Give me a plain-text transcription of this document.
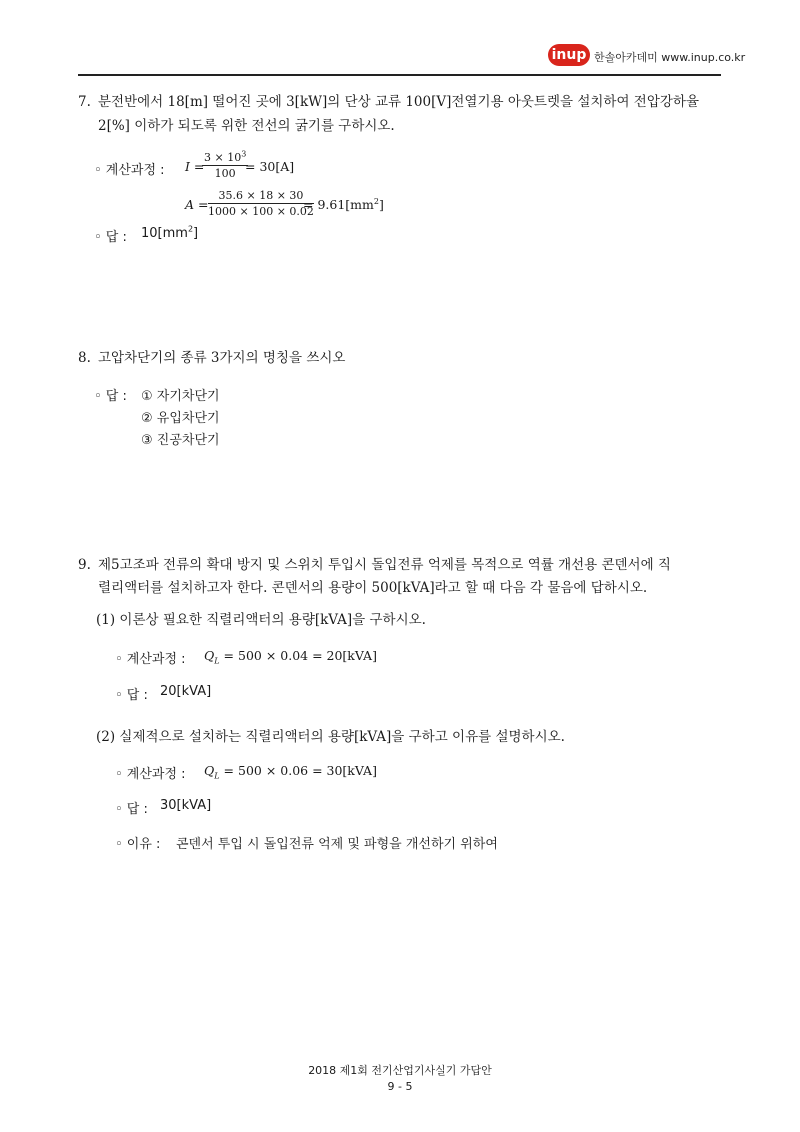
inup 한솔아카데미 www.inup.co.kr
7. 분전반에서 18[m] 떨어진 곳에 3[kW]의 단상 교류 100[V]전열기용 아웃트렛을 설치하여 전압강하율
2[%] 이하가 되도록 위한 전선의 굵기를 구하시오.
◦ 계산과정 : I =
$\frac{3 \times 10^3}{100}$
= 30[A]
$A = \frac{35.6 \times 18 \times 30}{1000 \times 100 \times 0.02}$
= $9.61[mm^2]$
◦ 답 : $10[mm^2]$
8. 고압차단기의 종류 3가지의 명칭을 쓰시오
◦ 답 : ① 자기차단기
② 유입차단기
③ 진공차단기
9. 제5고조파 전류의 확대 방지 및 스위치 투입시 돌입전류 억제를 목적으로 역률 개선용 콘덴서에 직
렬리액터를 설치하고자 한다. 콘덴서의 용량이 500[kVA]라고 할 때 다음 각 물음에 답하시오.
(1) 이론상 필요한 직렬리액터의 용량[kVA]을 구하시오.
◦ 계산과정 : $Q_L = 500 \times 0.04 = 20[kVA]$
◦ 답 : 20[kVA]
(2) 실제적으로 설치하는 직렬리액터의 용량[kVA]을 구하고 이유를 설명하시오.
◦ 계산과정 : $Q_L = 500 \times 0.06 = 30[kVA]$
◦ 답 : 30[kVA]
◦ 이유 : 콘덴서 투입 시 돌입전류 억제 및 파형을 개선하기 위하여
2018 제1회 전기산업기사실기 가답안
9 - 5
